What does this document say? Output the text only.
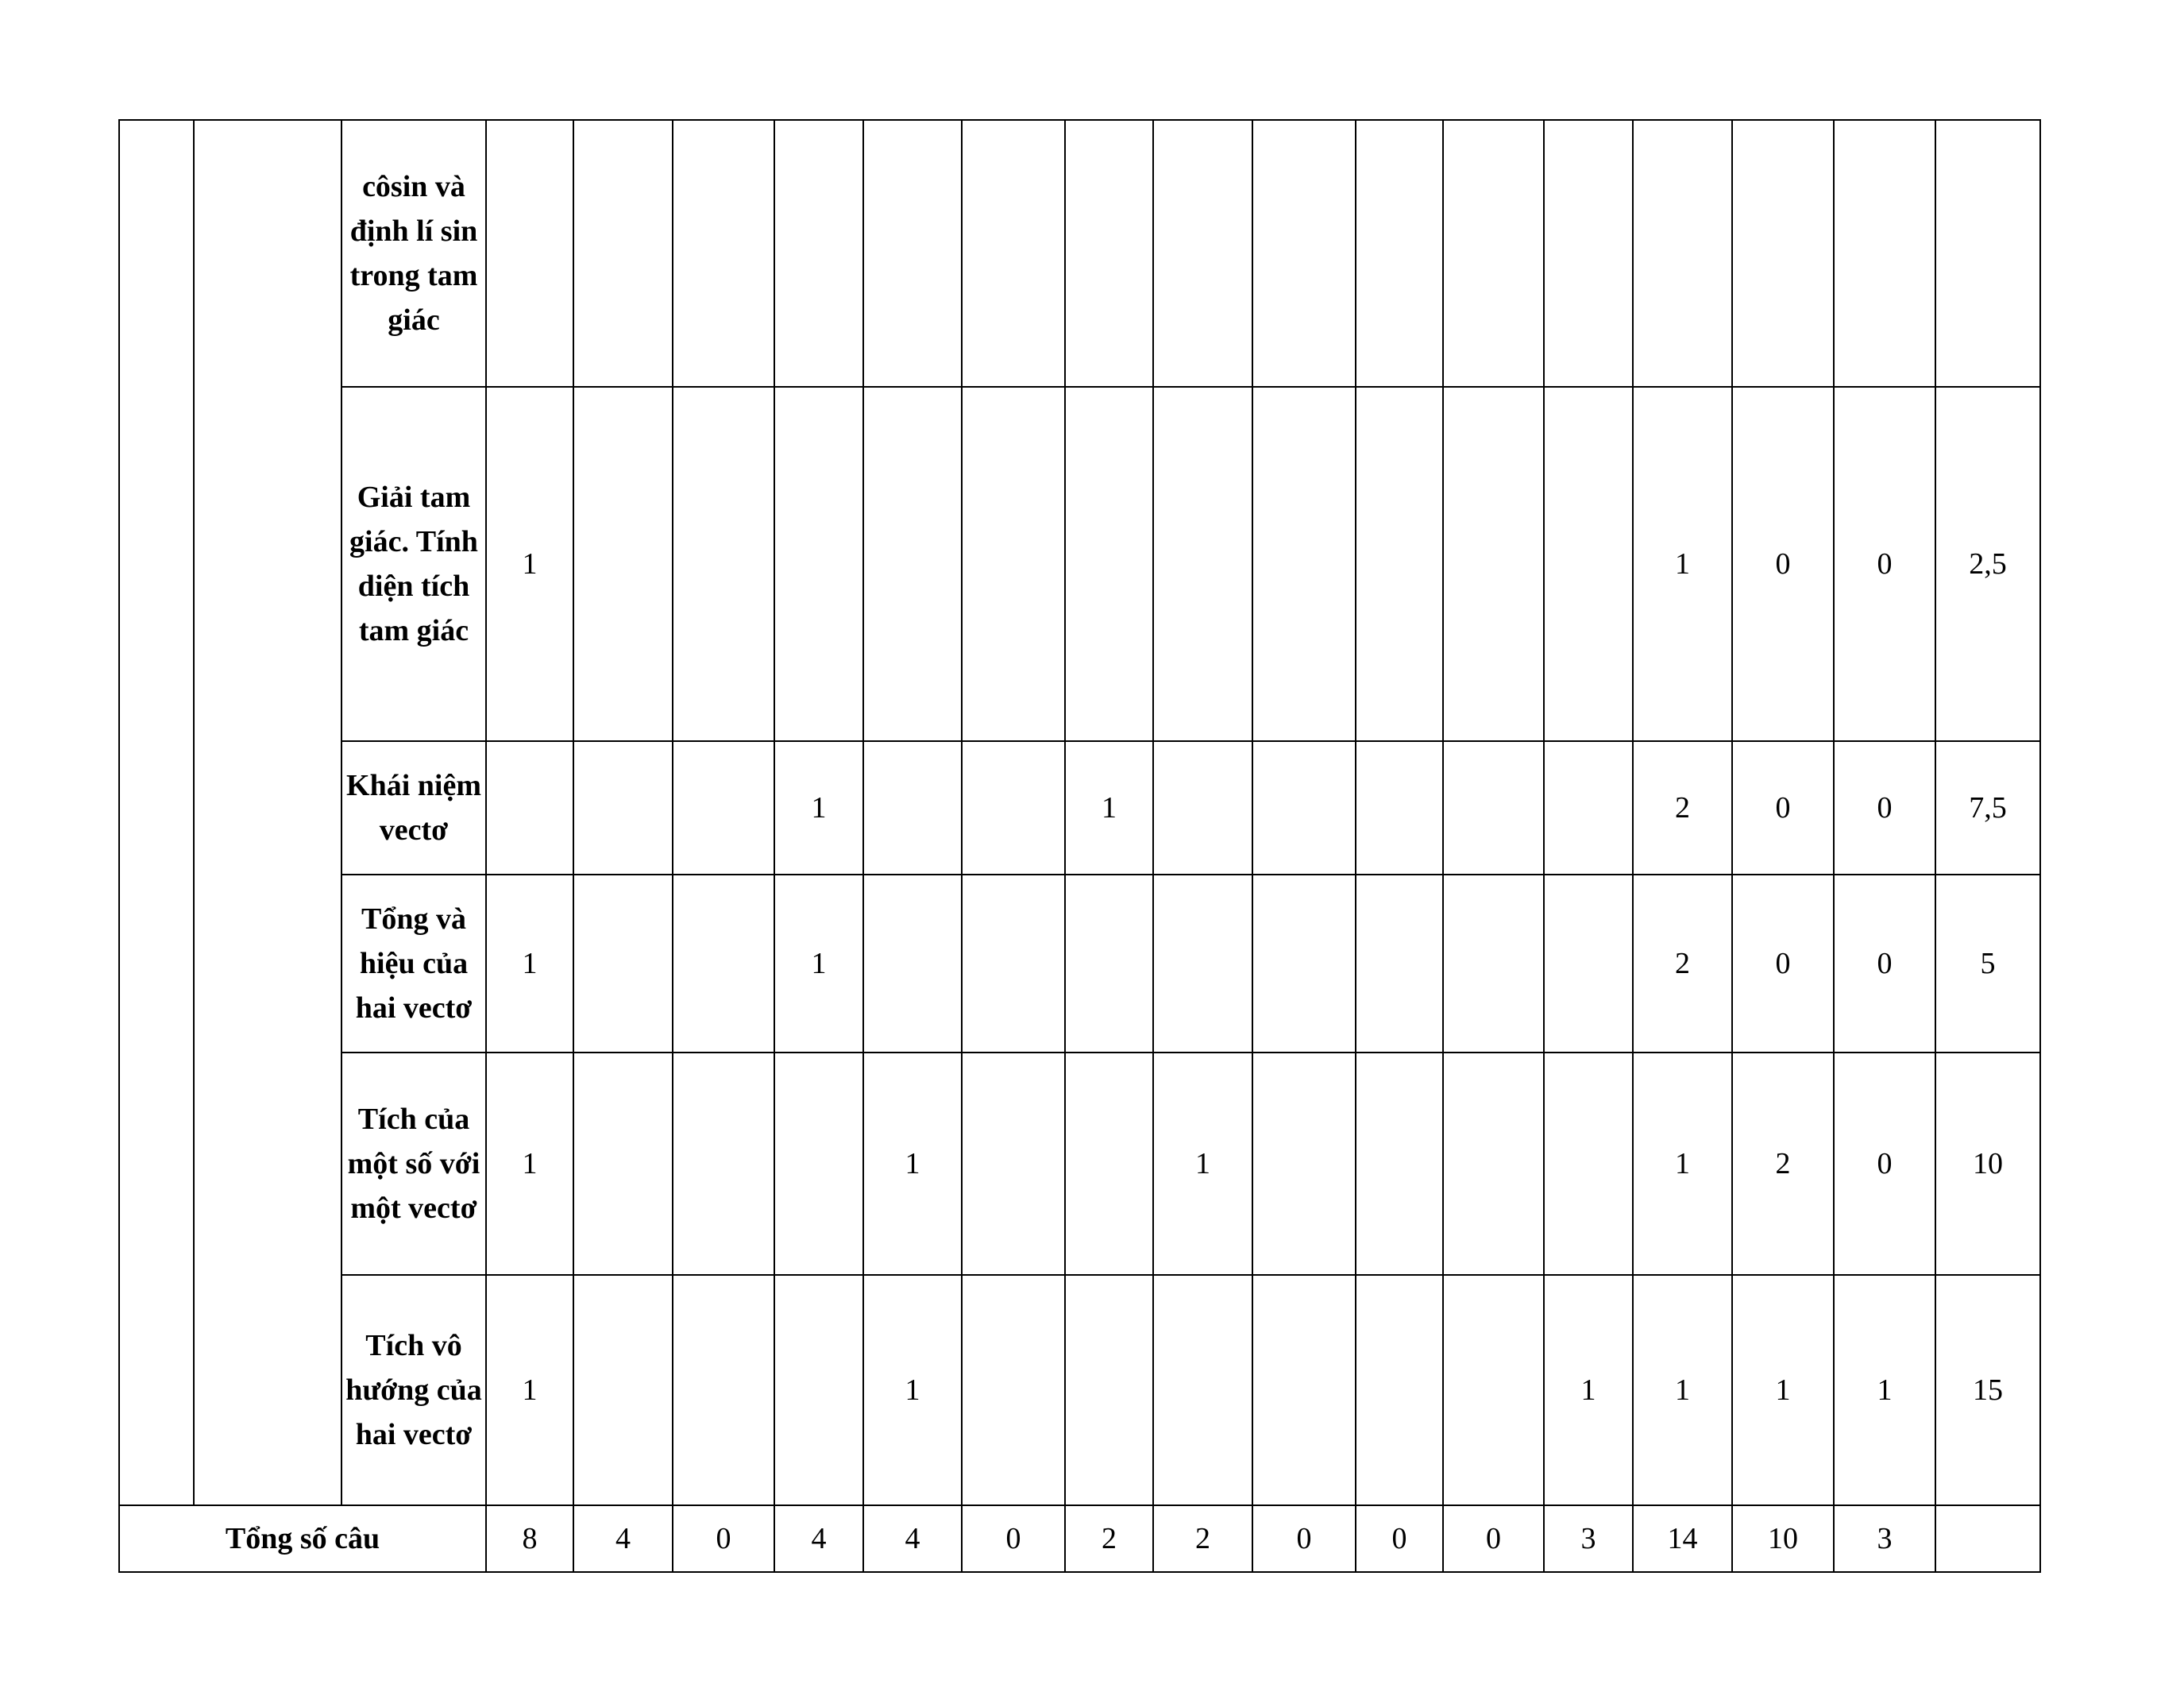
		côsin và định lí sin trong tam giác																
		Giải tam giác. Tính diện tích tam giác	1												1	0	0	2,5
		Khái niệm vectơ				1			1						2	0	0	7,5
		Tổng và hiệu của hai vectơ	1			1									2	0	0	5
		Tích của một số với một vectơ	1				1			1					1	2	0	10
		Tích vô hướng của hai vectơ	1				1							1	1	1	1	15
Tổng số câu			8	4	0	4	4	0	2	2	0	0	0	3	14	10	3	
